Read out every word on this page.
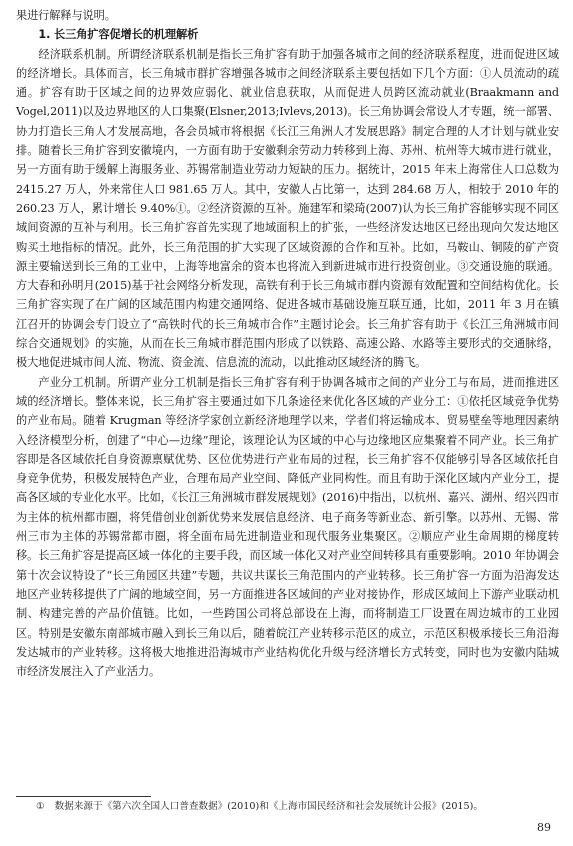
果进行解释与说明。

1. 长三角扩容促增长的机理解析

经济联系机制。所谓经济联系机制是指长三角扩容有助于加强各城市之间的经济联系程度，进而促进区域的经济增长。具体而言，长三角城市群扩容增强各城市之间经济联系主要包括如下几个方面：①人员流动的疏通。扩容有助于区域之间的边界效应弱化、就业信息获取，从而促进人员跨区流动就业(Braakmann and Vogel,2011)以及边界地区的人口集聚(Elsner,2013;Ivlevs,2013)。长三角协调会常设人才专题，统一部署、协力打造长三角人才发展高地，各会员城市将根据《长江三角洲人才发展思路》制定合理的人才计划与就业安排。随着长三角扩容到安徽境内，一方面有助于安徽剩余劳动力转移到上海、苏州、杭州等大城市进行就业，另一方面有助于缓解上海服务业、苏锡常制造业劳动力短缺的压力。据统计，2015 年末上海常住人口总数为 2415.27 万人，外来常住人口 981.65 万人。其中，安徽人占比第一，达到 284.68 万人，相较于 2010 年的 260.23 万人，累计增长 9.40%①。②经济资源的互补。施建军和梁琦(2007)认为长三角扩容能够实现不同区域间资源的互补与利用。长三角扩容首先实现了地域面积上的扩张，一些经济发达地区已经出现向欠发达地区购买土地指标的情况。此外，长三角范围的扩大实现了区域资源的合作和互补。比如，马鞍山、铜陵的矿产资源主要输送到长三角的工业中，上海等地富余的资本也将流入到新进城市进行投资创业。③交通设施的联通。方大春和孙明月(2015)基于社会网络分析发现，高铁有利于长三角城市群内资源有效配置和空间结构优化。长三角扩容实现了在广阔的区域范围内构建交通网络、促进各城市基础设施互联互通，比如，2011 年 3 月在镇江召开的协调会专门设立了“高铁时代的长三角城市合作”主题讨论会。长三角扩容有助于《长江三角洲城市间综合交通规划》的实施，从而在长三角城市群范围内形成了以铁路、高速公路、水路等主要形式的交通脉络，极大地促进城市间人流、物流、资金流、信息流的流动，以此推动区域经济的腾飞。

产业分工机制。所谓产业分工机制是指长三角扩容有利于协调各城市之间的产业分工与布局，进而推进区域的经济增长。整体来说，长三角扩容主要通过如下几条途径来优化各区域的产业分工：①依托区域竞争优势的产业布局。随着 Krugman 等经济学家创立新经济地理学以来，学者们将运输成本、贸易壁垒等地理因素纳入经济模型分析，创建了“中心—边缘”理论，该理论认为区域的中心与边缘地区应集聚着不同产业。长三角扩容即是各区域依托自身资源禀赋优势、区位优势进行产业布局的过程，长三角扩容不仅能够引导各区域依托自身竞争优势，积极发展特色产业，合理布局产业空间、降低产业同构性。而且有助于深化区域内产业分工，提高各区域的专业化水平。比如，《长江三角洲城市群发展规划》(2016)中指出，以杭州、嘉兴、湖州、绍兴四市为主体的杭州都市圈，将凭借创业创新优势来发展信息经济、电子商务等新业态、新引擎。以苏州、无锡、常州三市为主体的苏锡常都市圈，将全面布局先进制造业和现代服务业集聚区。②顺应产业生命周期的梯度转移。长三角扩容是提高区域一体化的主要手段，而区域一体化又对产业空间转移具有重要影响。2010 年协调会第十次会议特设了“长三角园区共建”专题，共议共谋长三角范围内的产业转移。长三角扩容一方面为沿海发达地区产业转移提供了广阔的地域空间，另一方面推进各区域间的产业对接协作，形成区域间上下游产业联动机制、构建完善的产品价值链。比如，一些跨国公司将总部设在上海，而将制造工厂设置在周边城市的工业园区。特别是安徽东南部城市融入到长三角以后，随着皖江产业转移示范区的成立，示范区积极承接长三角沿海发达城市的产业转移。这将极大地推进沿海城市产业结构优化升级与经济增长方式转变，同时也为安徽内陆城市经济发展注入了产业活力。

① 数据来源于《第六次全国人口普查数据》(2010)和《上海市国民经济和社会发展统计公报》(2015)。
89
